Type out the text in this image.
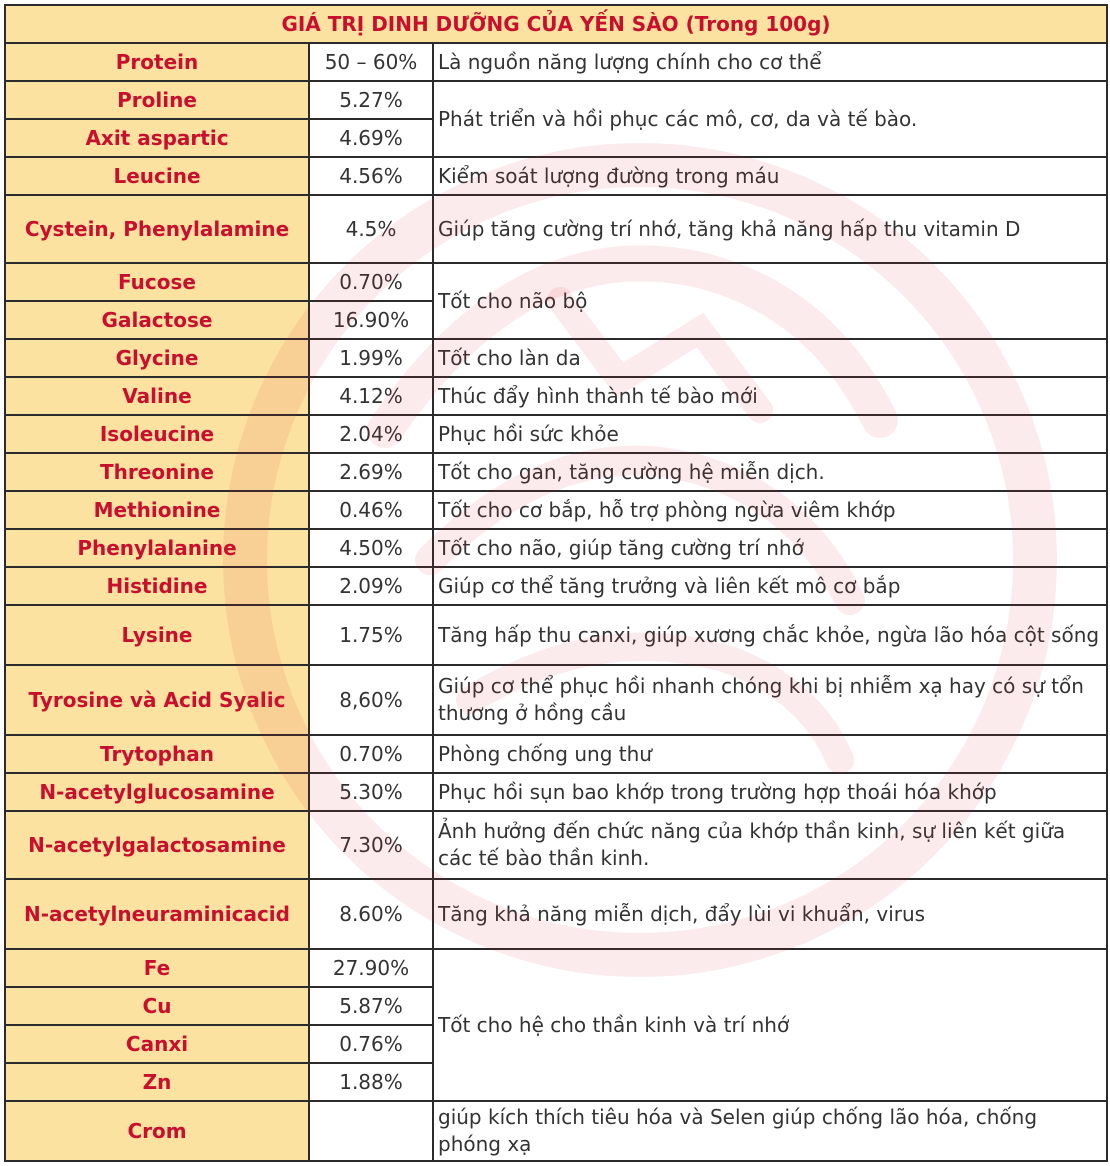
GIÁ TRỊ DINH DƯỠNG CỦA YẾN SÀO (Trong 100g)		
Protein	50 – 60%	Là nguồn năng lượng chính cho cơ thể
Proline	5.27%	Phát triển và hồi phục các mô, cơ, da và tế bào.
Axit aspartic	4.69%	
Leucine	4.56%	Kiểm soát lượng đường trong máu
Cystein, Phenylalamine	4.5%	Giúp tăng cường trí nhớ, tăng khả năng hấp thu vitamin D
Fucose	0.70%	Tốt cho não bộ
Galactose	16.90%	
Glycine	1.99%	Tốt cho làn da
Valine	4.12%	Thúc đẩy hình thành tế bào mới
Isoleucine	2.04%	Phục hồi sức khỏe
Threonine	2.69%	Tốt cho gan, tăng cường hệ miễn dịch.
Methionine	0.46%	Tốt cho cơ bắp, hỗ trợ phòng ngừa viêm khớp
Phenylalanine	4.50%	Tốt cho não, giúp tăng cường trí nhớ
Histidine	2.09%	Giúp cơ thể tăng trưởng và liên kết mô cơ bắp
Lysine	1.75%	Tăng hấp thu canxi, giúp xương chắc khỏe, ngừa lão hóa cột sống
Tyrosine và Acid Syalic	8,60%	Giúp cơ thể phục hồi nhanh chóng khi bị nhiễm xạ hay có sự tổn thương ở hồng cầu
Trytophan	0.70%	Phòng chống ung thư
N-acetylglucosamine	5.30%	Phục hồi sụn bao khớp trong trường hợp thoái hóa khớp
N-acetylgalactosamine	7.30%	Ảnh hưởng đến chức năng của khớp thần kinh, sự liên kết giữa các tế bào thần kinh.
N-acetylneuraminicacid	8.60%	Tăng khả năng miễn dịch, đẩy lùi vi khuẩn, virus
Fe	27.90%	Tốt cho hệ cho thần kinh và trí nhớ
Cu	5.87%	
Canxi	0.76%	
Zn	1.88%	
Crom		giúp kích thích tiêu hóa và Selen giúp chống lão hóa, chống phóng xạ
